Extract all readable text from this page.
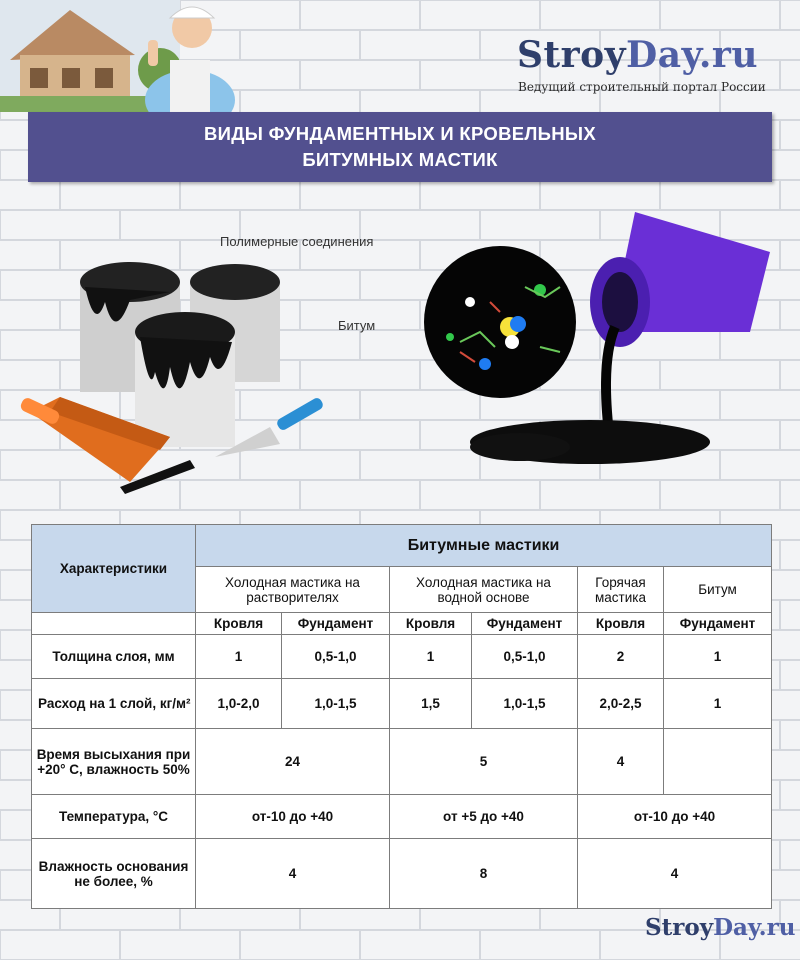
StroyDay.ru
Ведущий строительный портал России
ВИДЫ ФУНДАМЕНТНЫХ И КРОВЕЛЬНЫХ БИТУМНЫХ МАСТИК
Полимерные соединения
Битум
Характеристики	Битумные мастики					
	Холодная мастика на растворителях		Холодная мастика на водной основе		Горячая мастика	Битум
	Кровля	Фундамент	Кровля	Фундамент	Кровля	Фундамент
Толщина слоя, мм	1	0,5-1,0	1	0,5-1,0	2	1
Расход на 1 слой, кг/м²	1,0-2,0	1,0-1,5	1,5	1,0-1,5	2,0-2,5	1
Время высыхания при +20° С, влажность 50%	24		5		4	
Температура, °С	от-10 до +40		от +5 до +40		от-10 до +40	
Влажность основания не более, %	4		8		4	
StroyDay.ru
